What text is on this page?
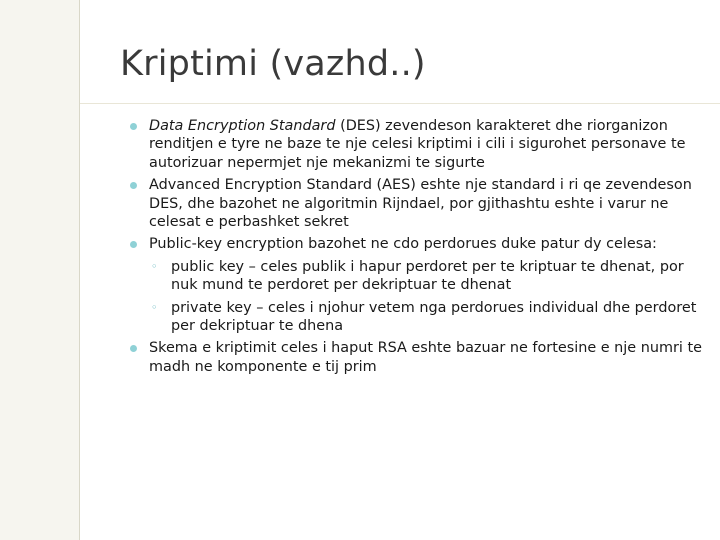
Kriptimi (vazhd..)
Data Encryption Standard (DES) zevendeson karakteret dhe riorganizon renditjen e tyre ne baze te nje celesi kriptimi i cili i sigurohet personave te autorizuar nepermjet nje mekanizmi te sigurte
Advanced Encryption Standard (AES) eshte nje standard i ri qe zevendeson DES, dhe bazohet ne algoritmin Rijndael, por gjithashtu eshte i varur ne celesat e perbashket sekret
Public-key encryption bazohet ne cdo perdorues duke patur dy celesa:
◦ public key – celes publik i hapur perdoret per te kriptuar te dhenat, por nuk mund te perdoret per dekriptuar te dhenat
◦ private key – celes i njohur vetem nga perdorues individual dhe perdoret per dekriptuar te dhena
Skema e kriptimit celes i haput RSA eshte bazuar ne fortesine e nje numri te madh ne komponente e tij prim
